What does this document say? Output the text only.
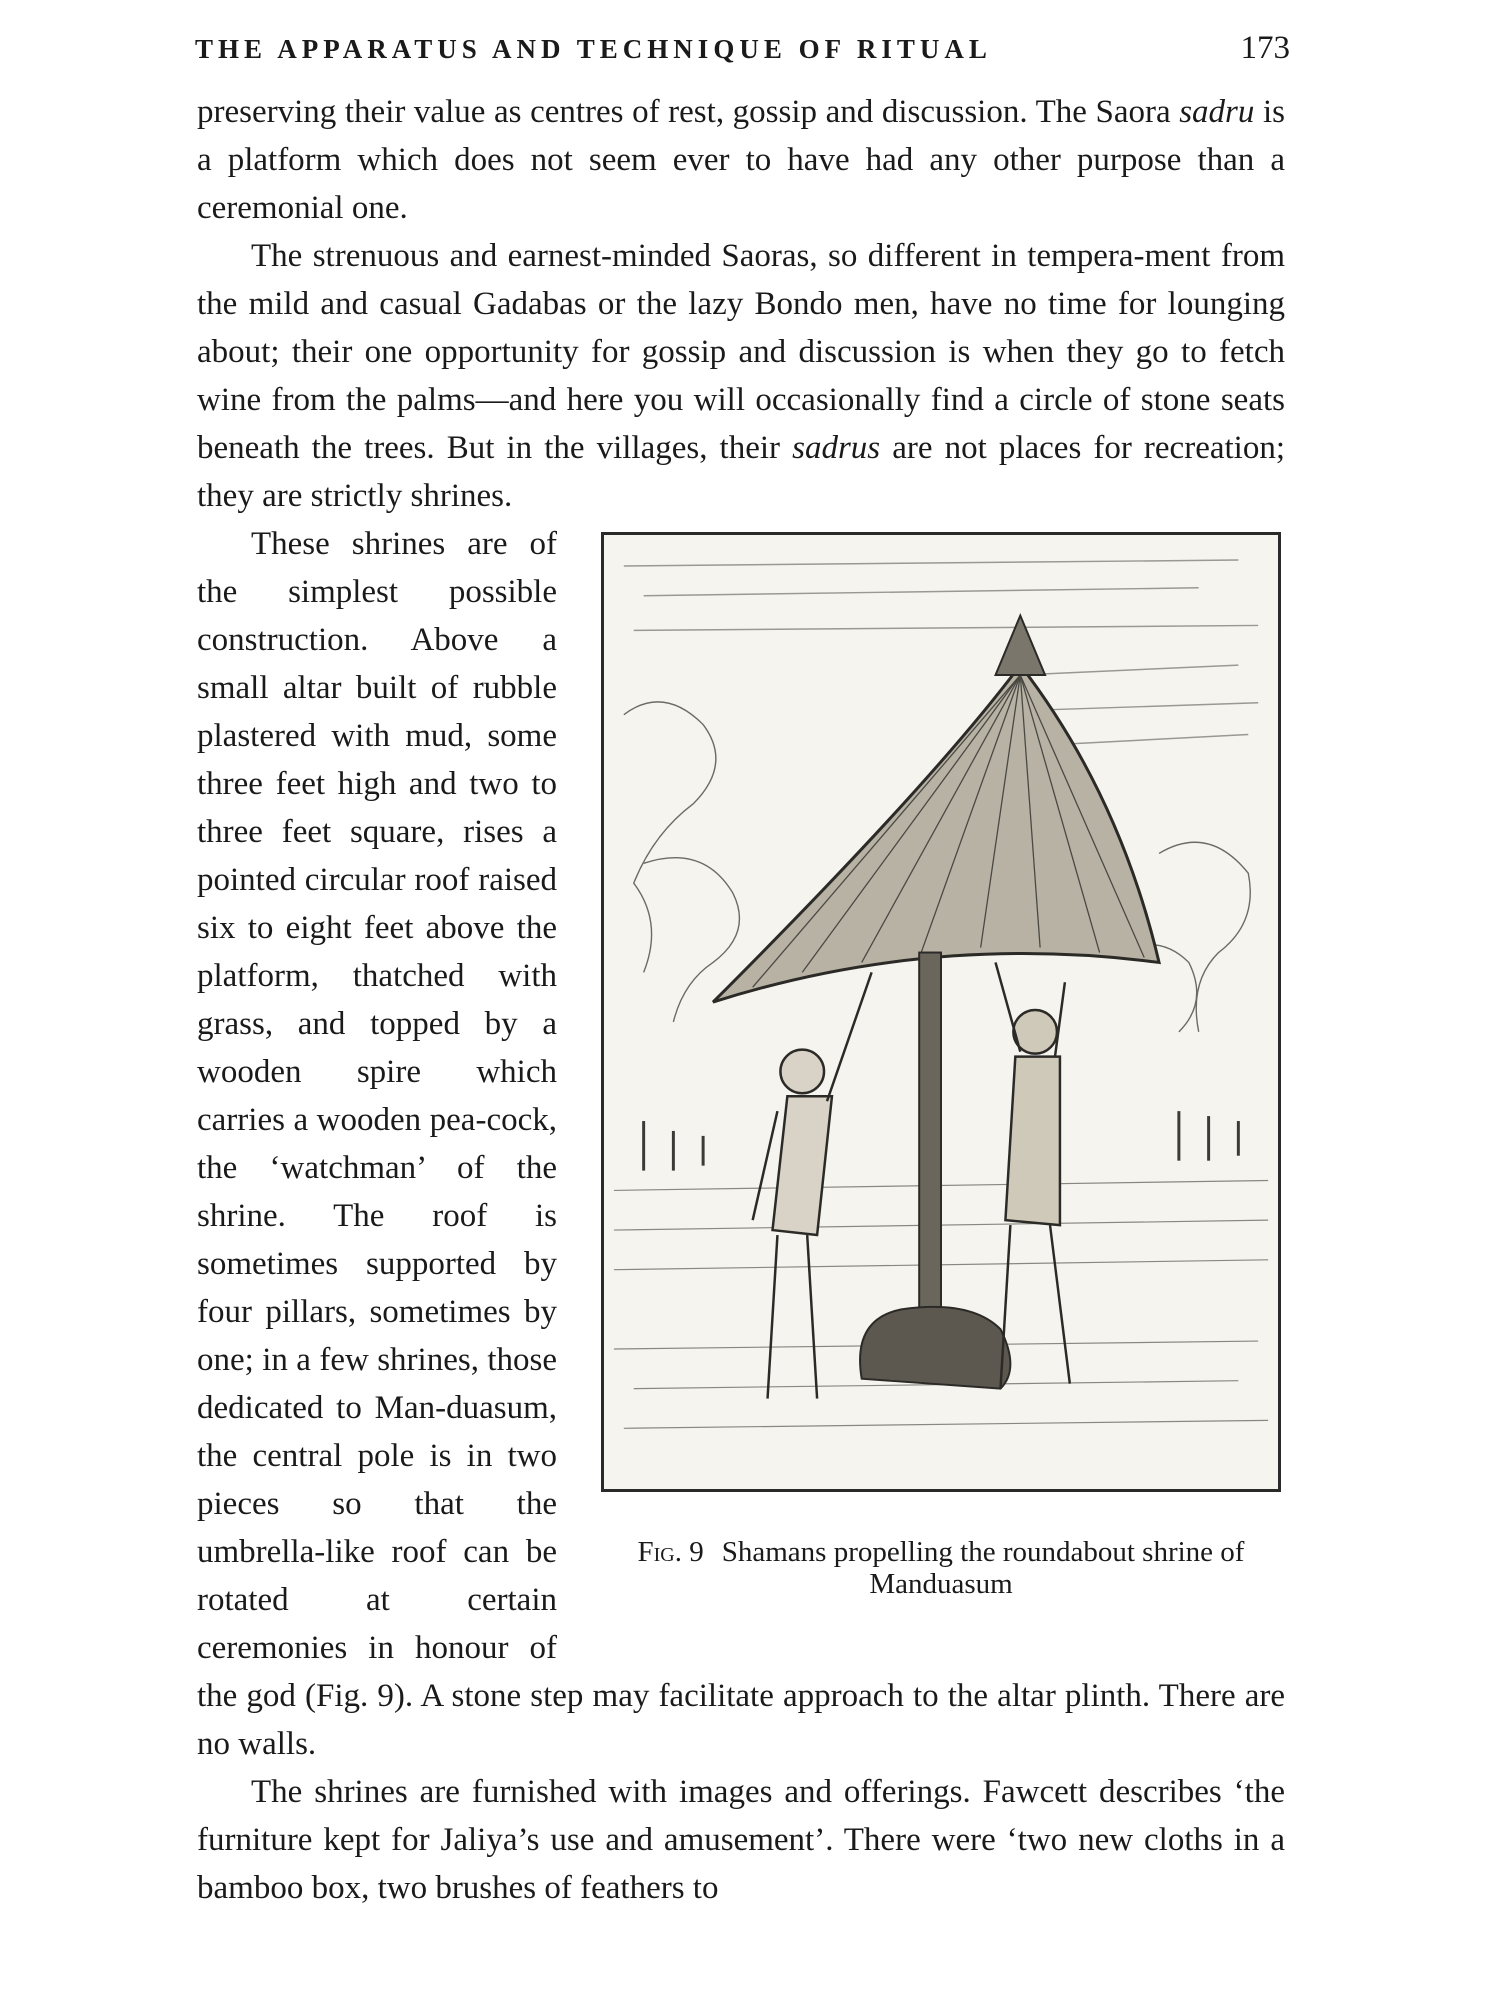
THE APPARATUS AND TECHNIQUE OF RITUAL	173

preserving their value as centres of rest, gossip and discussion. The Saora sadru is a platform which does not seem ever to have had any other purpose than a ceremonial one.

The strenuous and earnest-minded Saoras, so different in tempera-ment from the mild and casual Gadabas or the lazy Bondo men, have no time for lounging about; their one opportunity for gossip and discussion is when they go to fetch wine from the palms—and here you will occasionally find a circle of stone seats beneath the trees. But in the villages, their sadrus are not places for recreation; they are strictly shrines.

Fig. 9 Shamans propelling the roundabout shrine of Manduasum

These shrines are of the simplest possible construction. Above a small altar built of rubble plastered with mud, some three feet high and two to three feet square, rises a pointed circular roof raised six to eight feet above the platform, thatched with grass, and topped by a wooden spire which carries a wooden pea-cock, the ‘watchman’ of the shrine. The roof is sometimes supported by four pillars, sometimes by one; in a few shrines, those dedicated to Man-duasum, the central pole is in two pieces so that the umbrella-like roof can be rotated at certain ceremonies in honour of the god (Fig. 9). A stone step may facilitate approach to the altar plinth. There are no walls.

The shrines are furnished with images and offerings. Fawcett describes ‘the furniture kept for Jaliya’s use and amusement’. There were ‘two new cloths in a bamboo box, two brushes of feathers to
